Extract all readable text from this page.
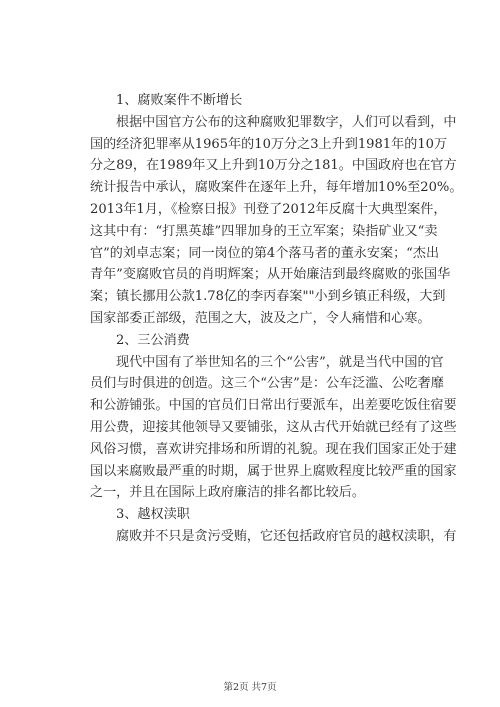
1、腐败案件不断增长
根据中国官方公布的这种腐败犯罪数字，人们可以看到，中
国的经济犯罪率从1965年的10万分之3上升到1981年的10万
分之89，在1989年又上升到10万分之181。中国政府也在官方
统计报告中承认，腐败案件在逐年上升，每年增加10%至20%。
2013年1月，《检察日报》刊登了2012年反腐十大典型案件，
这其中有：“打黑英雄”四罪加身的王立军案；染指矿业又“卖
官”的刘卓志案；同一岗位的第4个落马者的董永安案；“杰出
青年”变腐败官员的肖明辉案；从开始廉洁到最终腐败的张国华
案；镇长挪用公款1.78亿的李丙春案""小到乡镇正科级，大到
国家部委正部级，范围之大，波及之广，令人痛惜和心寒。
2、三公消费
现代中国有了举世知名的三个“公害”，就是当代中国的官
员们与时俱进的创造。这三个“公害”是：公车泛滥、公吃奢靡
和公游铺张。中国的官员们日常出行要派车，出差要吃饭住宿要
用公费，迎接其他领导又要铺张，这从古代开始就已经有了这些
风俗习惯，喜欢讲究排场和所谓的礼貌。现在我们国家正处于建
国以来腐败最严重的时期，属于世界上腐败程度比较严重的国家
之一，并且在国际上政府廉洁的排名都比较后。
3、越权渎职
腐败并不只是贪污受贿，它还包括政府官员的越权渎职，有
第2页 共7页
